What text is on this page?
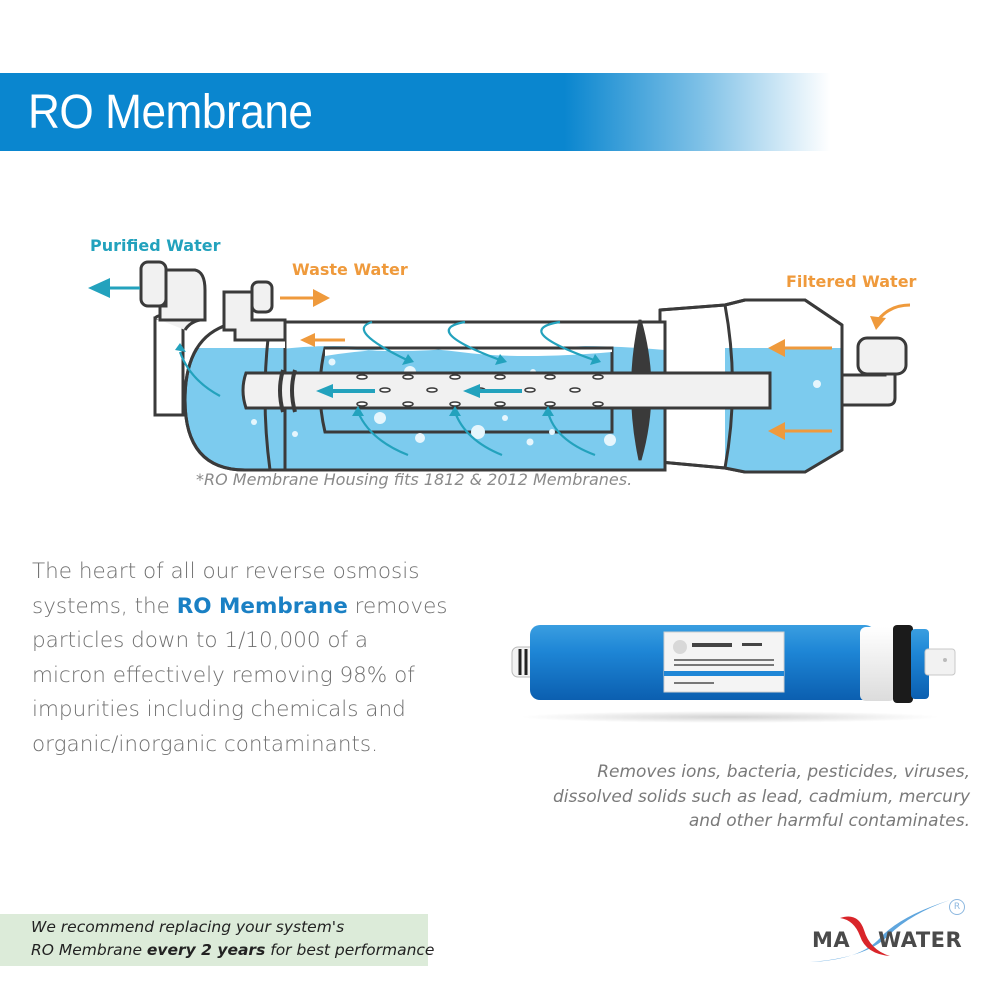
RO Membrane
Purified Water
Waste Water
Filtered Water
*RO Membrane Housing fits 1812 & 2012 Membranes.
The heart of all our reverse osmosis
systems, the RO Membrane removes
particles down to 1/10,000 of a
micron effectively removing 98% of
impurities including chemicals and
organic/inorganic contaminants.
Removes ions, bacteria, pesticides, viruses,
dissolved solids such as lead, cadmium, mercury
and other harmful contaminates.
We recommend replacing your system's
RO Membrane every 2 years for best performance	MA WATER
R
